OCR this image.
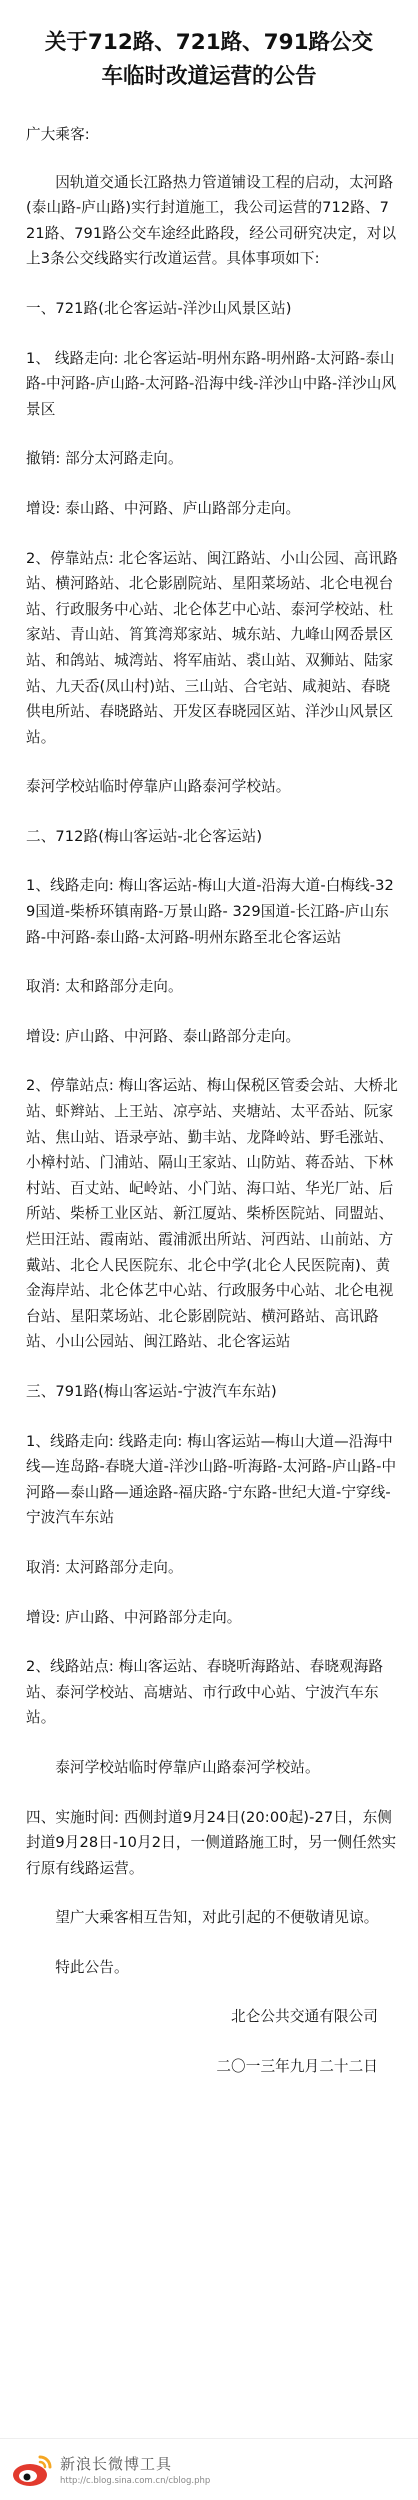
关于712路、721路、791路公交
车临时改道运营的公告

广大乘客:

因轨道交通长江路热力管道铺设工程的启动，太河路(泰山路-庐山路)实行封道施工，我公司运营的712路、721路、791路公交车途经此路段，经公司研究决定，对以上3条公交线路实行改道运营。具体事项如下:

一、721路(北仑客运站-洋沙山风景区站)

1、 线路走向: 北仑客运站-明州东路-明州路-太河路-泰山路-中河路-庐山路-太河路-沿海中线-洋沙山中路-洋沙山风景区

撤销: 部分太河路走向。

增设: 泰山路、中河路、庐山路部分走向。

2、停靠站点: 北仑客运站、闽江路站、小山公园、高讯路站、横河路站、北仑影剧院站、星阳菜场站、北仑电视台站、行政服务中心站、北仑体艺中心站、泰河学校站、杜家站、青山站、筲箕湾郑家站、城东站、九峰山网岙景区站、和鸽站、城湾站、将军庙站、裘山站、双狮站、陆家站、九天岙(凤山村)站、三山站、合宅站、咸昶站、春晓供电所站、春晓路站、开发区春晓园区站、洋沙山风景区站。

泰河学校站临时停靠庐山路泰河学校站。

二、712路(梅山客运站-北仑客运站)

1、线路走向: 梅山客运站-梅山大道-沿海大道-白梅线-329国道-柴桥环镇南路-万景山路- 329国道-长江路-庐山东路-中河路-泰山路-太河路-明州东路至北仑客运站

取消: 太和路部分走向。

增设: 庐山路、中河路、泰山路部分走向。

2、停靠站点: 梅山客运站、梅山保税区管委会站、大桥北站、虾辫站、上王站、凉亭站、夹塘站、太平岙站、阮家站、焦山站、语录亭站、勤丰站、龙降岭站、野毛涨站、小樟村站、门浦站、隔山王家站、山防站、蒋岙站、下林村站、百丈站、屺岭站、小门站、海口站、华光厂站、后所站、柴桥工业区站、新江厦站、柴桥医院站、同盟站、烂田汪站、霞南站、霞浦派出所站、河西站、山前站、方戴站、北仑人民医院东、北仑中学(北仑人民医院南)、黄金海岸站、北仑体艺中心站、行政服务中心站、北仑电视台站、星阳菜场站、北仑影剧院站、横河路站、高讯路站、小山公园站、闽江路站、北仑客运站

三、791路(梅山客运站-宁波汽车东站)

1、线路走向: 线路走向: 梅山客运站—梅山大道—沿海中线—连岛路-春晓大道-洋沙山路-听海路-太河路-庐山路-中河路—泰山路—通途路-福庆路-宁东路-世纪大道-宁穿线-宁波汽车东站

取消: 太河路部分走向。

增设: 庐山路、中河路部分走向。

2、线路站点: 梅山客运站、春晓听海路站、春晓观海路站、泰河学校站、高塘站、市行政中心站、宁波汽车东站。

泰河学校站临时停靠庐山路泰河学校站。

四、实施时间: 西侧封道9月24日(20:00起)-27日，东侧封道9月28日-10月2日，一侧道路施工时，另一侧任然实行原有线路运营。

望广大乘客相互告知，对此引起的不便敬请见谅。

特此公告。

北仑公共交通有限公司

二〇一三年九月二十二日

新浪长微博工具
http://c.blog.sina.com.cn/cblog.php
